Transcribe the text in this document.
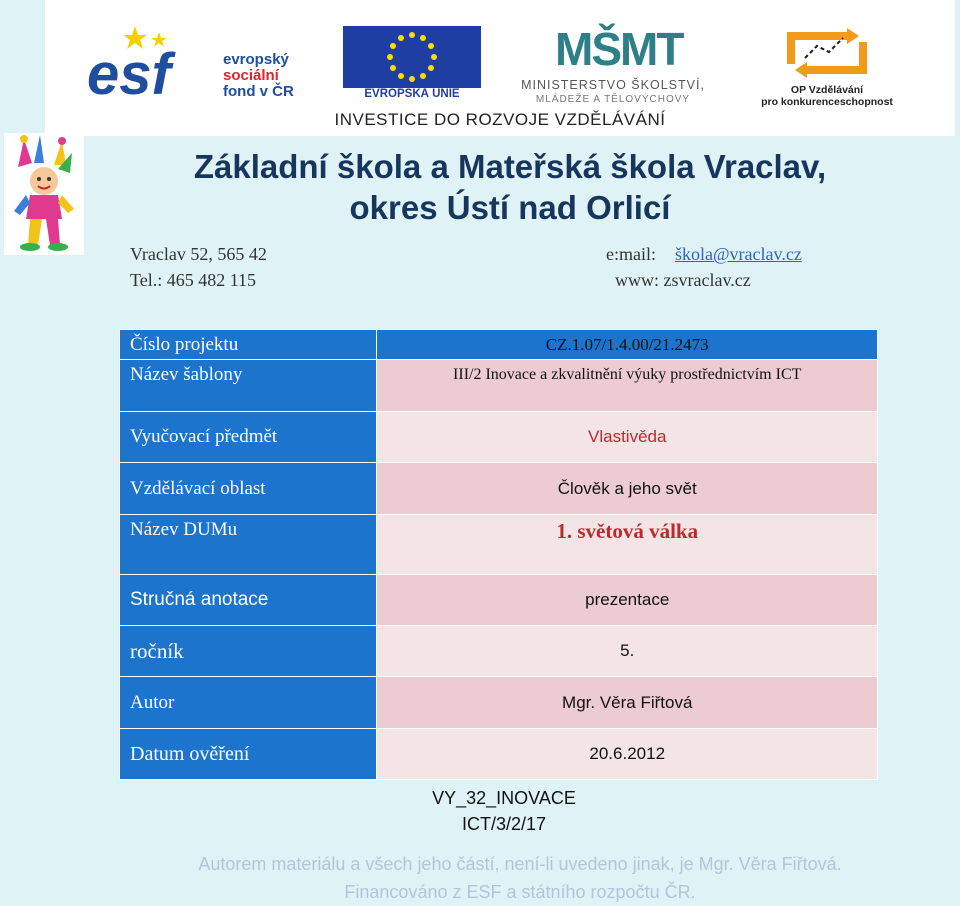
esf	evropský
sociální
fond v ČR	EVROPSKÁ UNIE
MŠMT
MINISTERSTVO ŠKOLSTVÍ,
MLÁDEŽE A TĚLOVÝCHOVY
OP Vzdělávání
pro konkurenceschopnost
INVESTICE DO ROZVOJE VZDĚLÁVÁNÍ
Základní škola a Mateřská škola Vraclav,
okres Ústí nad Orlicí
Vraclav 52, 565 42
Tel.: 465 482 115
e:mail: škola@vraclav.cz
www: zsvraclav.cz
Číslo projektu	CZ.1.07/1.4.00/21.2473
Název šablony	III/2 Inovace a zkvalitnění výuky prostřednictvím ICT
Vyučovací předmět	Vlastivěda
Vzdělávací oblast	Člověk a jeho svět
Název DUMu	1. světová válka
Stručná anotace	prezentace
ročník	5.
Autor	Mgr. Věra Fiřtová
Datum ověření	20.6.2012
VY_32_INOVACE
ICT/3/2/17
Autorem materiálu a všech jeho částí, není-li uvedeno jinak, je Mgr. Věra Fiřtová.
Financováno z ESF a státního rozpočtu ČR.
